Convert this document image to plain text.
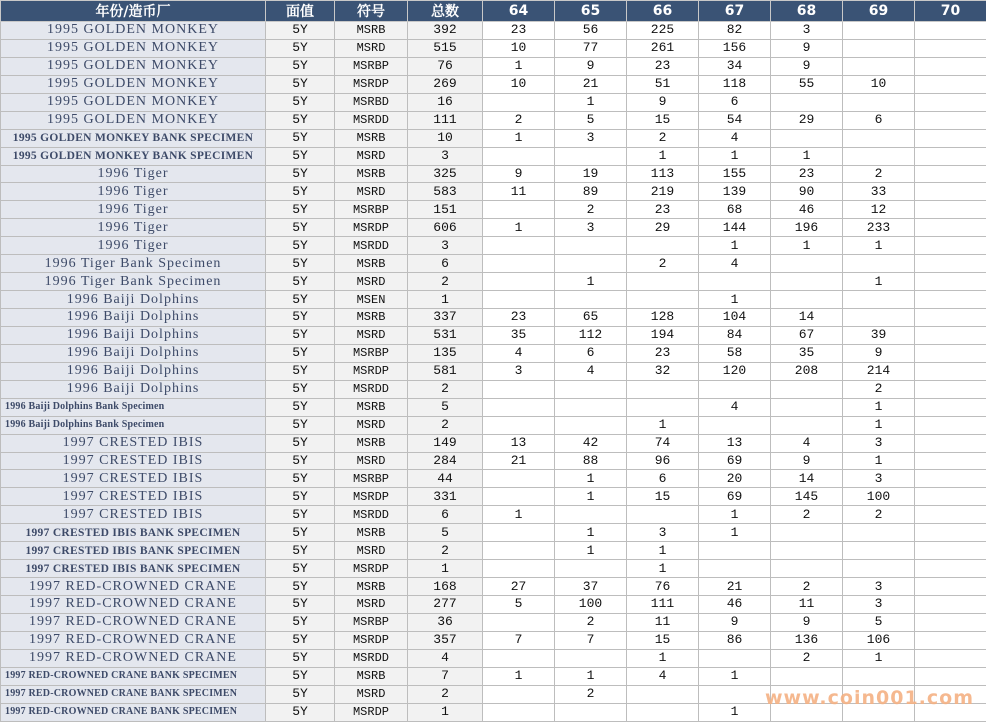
年份/造币厂	面值	符号	总数	64	65	66	67	68	69	70
1995 GOLDEN MONKEY	5Y	MSRB	392	23	56	225	82	3		
1995 GOLDEN MONKEY	5Y	MSRD	515	10	77	261	156	9		
1995 GOLDEN MONKEY	5Y	MSRBP	76	1	9	23	34	9		
1995 GOLDEN MONKEY	5Y	MSRDP	269	10	21	51	118	55	10	
1995 GOLDEN MONKEY	5Y	MSRBD	16		1	9	6			
1995 GOLDEN MONKEY	5Y	MSRDD	111	2	5	15	54	29	6	
1995 GOLDEN MONKEY BANK SPECIMEN	5Y	MSRB	10	1	3	2	4			
1995 GOLDEN MONKEY BANK SPECIMEN	5Y	MSRD	3			1	1	1		
1996 Tiger	5Y	MSRB	325	9	19	113	155	23	2	
1996 Tiger	5Y	MSRD	583	11	89	219	139	90	33	
1996 Tiger	5Y	MSRBP	151		2	23	68	46	12	
1996 Tiger	5Y	MSRDP	606	1	3	29	144	196	233	
1996 Tiger	5Y	MSRDD	3				1	1	1	
1996 Tiger Bank Specimen	5Y	MSRB	6			2	4			
1996 Tiger Bank Specimen	5Y	MSRD	2		1				1	
1996 Baiji Dolphins	5Y	MSEN	1				1			
1996 Baiji Dolphins	5Y	MSRB	337	23	65	128	104	14		
1996 Baiji Dolphins	5Y	MSRD	531	35	112	194	84	67	39	
1996 Baiji Dolphins	5Y	MSRBP	135	4	6	23	58	35	9	
1996 Baiji Dolphins	5Y	MSRDP	581	3	4	32	120	208	214	
1996 Baiji Dolphins	5Y	MSRDD	2						2	
1996 Baiji Dolphins Bank Specimen	5Y	MSRB	5				4		1	
1996 Baiji Dolphins Bank Specimen	5Y	MSRD	2			1			1	
1997 CRESTED IBIS	5Y	MSRB	149	13	42	74	13	4	3	
1997 CRESTED IBIS	5Y	MSRD	284	21	88	96	69	9	1	
1997 CRESTED IBIS	5Y	MSRBP	44		1	6	20	14	3	
1997 CRESTED IBIS	5Y	MSRDP	331		1	15	69	145	100	
1997 CRESTED IBIS	5Y	MSRDD	6	1			1	2	2	
1997 CRESTED IBIS BANK SPECIMEN	5Y	MSRB	5		1	3	1			
1997 CRESTED IBIS BANK SPECIMEN	5Y	MSRD	2		1	1				
1997 CRESTED IBIS BANK SPECIMEN	5Y	MSRDP	1			1				
1997 RED-CROWNED CRANE	5Y	MSRB	168	27	37	76	21	2	3	
1997 RED-CROWNED CRANE	5Y	MSRD	277	5	100	111	46	11	3	
1997 RED-CROWNED CRANE	5Y	MSRBP	36		2	11	9	9	5	
1997 RED-CROWNED CRANE	5Y	MSRDP	357	7	7	15	86	136	106	
1997 RED-CROWNED CRANE	5Y	MSRDD	4			1		2	1	
1997 RED-CROWNED CRANE BANK SPECIMEN	5Y	MSRB	7	1	1	4	1			
1997 RED-CROWNED CRANE BANK SPECIMEN	5Y	MSRD	2		2					
1997 RED-CROWNED CRANE BANK SPECIMEN	5Y	MSRDP	1				1			
www.coin001.com
